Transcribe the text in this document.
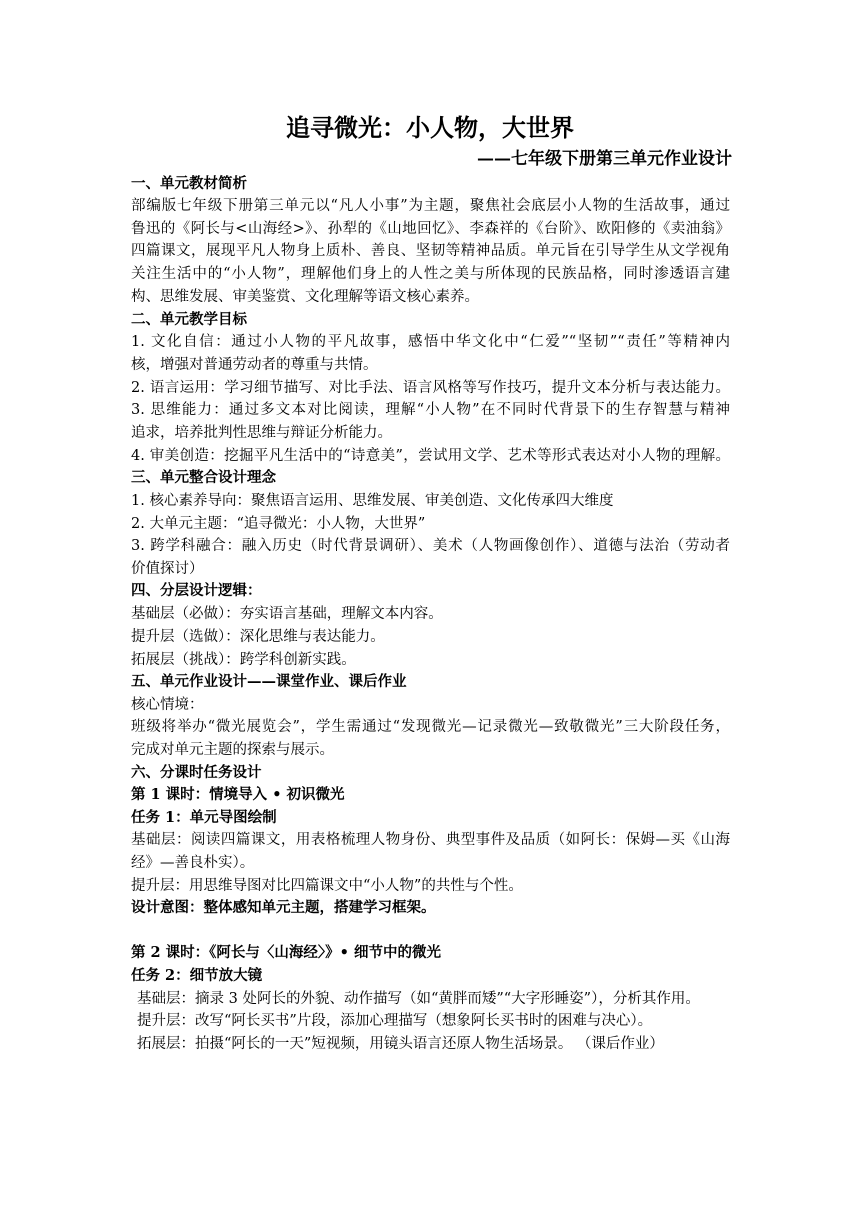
追寻微光：小人物，大世界
——七年级下册第三单元作业设计
一、单元教材简析
部编版七年级下册第三单元以“凡人小事”为主题，聚焦社会底层小人物的生活故事，通过
鲁迅的《阿长与<山海经>》、孙犁的《山地回忆》、李森祥的《台阶》、欧阳修的《卖油翁》
四篇课文，展现平凡人物身上质朴、善良、坚韧等精神品质。单元旨在引导学生从文学视角
关注生活中的“小人物”，理解他们身上的人性之美与所体现的民族品格，同时渗透语言建
构、思维发展、审美鉴赏、文化理解等语文核心素养。
二、单元教学目标
1. 文化自信：通过小人物的平凡故事，感悟中华文化中“仁爱”“坚韧”“责任”等精神内
核，增强对普通劳动者的尊重与共情。
2. 语言运用：学习细节描写、对比手法、语言风格等写作技巧，提升文本分析与表达能力。
3. 思维能力：通过多文本对比阅读，理解“小人物”在不同时代背景下的生存智慧与精神
追求，培养批判性思维与辩证分析能力。
4. 审美创造：挖掘平凡生活中的“诗意美”，尝试用文学、艺术等形式表达对小人物的理解。
三、单元整合设计理念
1. 核心素养导向：聚焦语言运用、思维发展、审美创造、文化传承四大维度
2. 大单元主题：“追寻微光：小人物，大世界”
3. 跨学科融合：融入历史（时代背景调研）、美术（人物画像创作）、道德与法治（劳动者
价值探讨）
四、分层设计逻辑：
基础层（必做）：夯实语言基础，理解文本内容。
提升层（选做）：深化思维与表达能力。
拓展层（挑战）：跨学科创新实践。
五、单元作业设计——课堂作业、课后作业
核心情境：
班级将举办“微光展览会”，学生需通过“发现微光—记录微光—致敬微光”三大阶段任务，
完成对单元主题的探索与展示。
六、分课时任务设计
第 1 课时：情境导入 • 初识微光
任务 1：单元导图绘制
基础层：阅读四篇课文，用表格梳理人物身份、典型事件及品质（如阿长：保姆—买《山海
经》—善良朴实）。
提升层：用思维导图对比四篇课文中“小人物”的共性与个性。
设计意图：整体感知单元主题，搭建学习框架。
第 2 课时：《阿长与〈山海经〉》• 细节中的微光
任务 2：细节放大镜
基础层：摘录 3 处阿长的外貌、动作描写（如“黄胖而矮”“大字形睡姿”），分析其作用。
提升层：改写“阿长买书”片段，添加心理描写（想象阿长买书时的困难与决心）。
拓展层：拍摄“阿长的一天”短视频，用镜头语言还原人物生活场景。 （课后作业）
